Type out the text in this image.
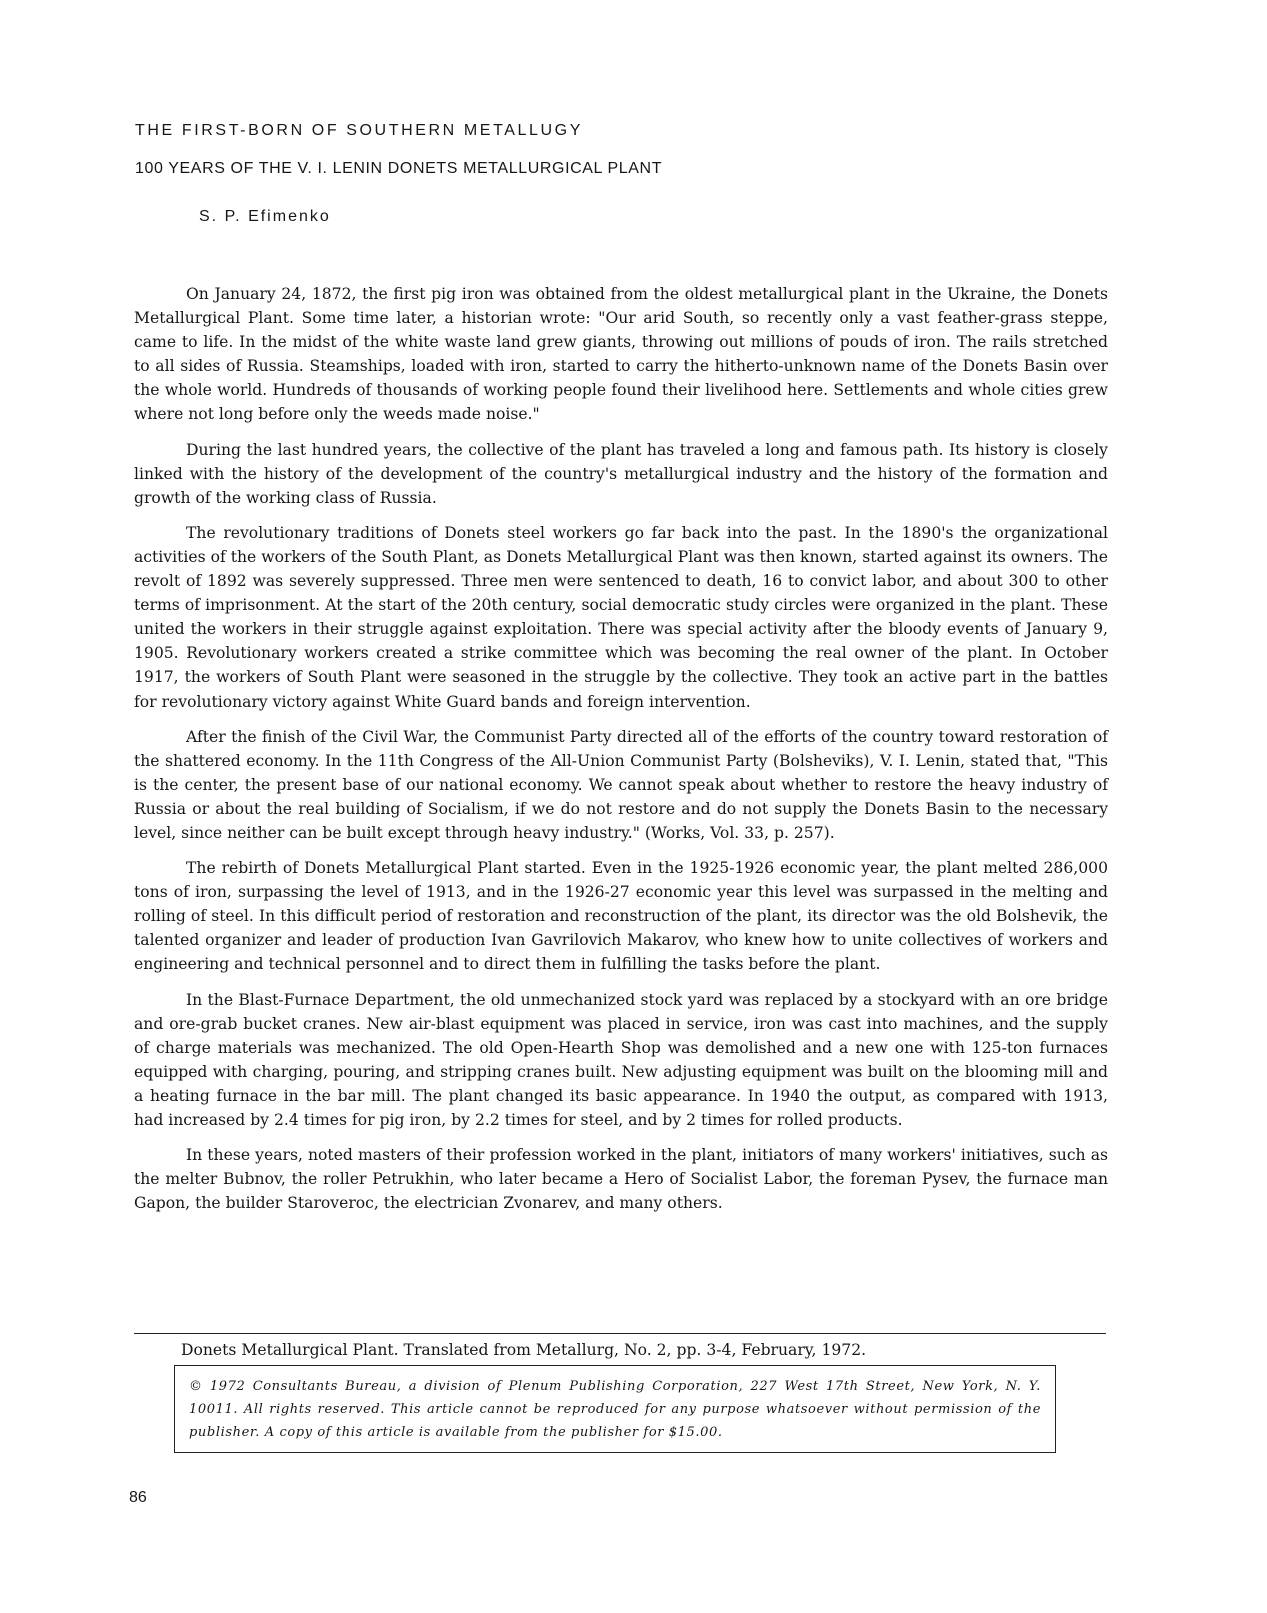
THE FIRST-BORN OF SOUTHERN METALLUGY
100 YEARS OF THE V. I. LENIN DONETS METALLURGICAL PLANT

S. P. Efimenko

On January 24, 1872, the first pig iron was obtained from the oldest metallurgical plant in the Ukraine, the Donets Metallurgical Plant. Some time later, a historian wrote: "Our arid South, so recently only a vast feather-grass steppe, came to life. In the midst of the white waste land grew giants, throwing out millions of pouds of iron. The rails stretched to all sides of Russia. Steamships, loaded with iron, started to carry the hitherto-unknown name of the Donets Basin over the whole world. Hundreds of thousands of working people found their livelihood here. Settlements and whole cities grew where not long before only the weeds made noise."

During the last hundred years, the collective of the plant has traveled a long and famous path. Its history is closely linked with the history of the development of the country's metallurgical industry and the history of the formation and growth of the working class of Russia.

The revolutionary traditions of Donets steel workers go far back into the past. In the 1890's the organizational activities of the workers of the South Plant, as Donets Metallurgical Plant was then known, started against its owners. The revolt of 1892 was severely suppressed. Three men were sentenced to death, 16 to convict labor, and about 300 to other terms of imprisonment. At the start of the 20th century, social democratic study circles were organized in the plant. These united the workers in their struggle against exploitation. There was special activity after the bloody events of January 9, 1905. Revolutionary workers created a strike committee which was becoming the real owner of the plant. In October 1917, the workers of South Plant were seasoned in the struggle by the collective. They took an active part in the battles for revolutionary victory against White Guard bands and foreign intervention.

After the finish of the Civil War, the Communist Party directed all of the efforts of the country toward restoration of the shattered economy. In the 11th Congress of the All-Union Communist Party (Bolsheviks), V. I. Lenin, stated that, "This is the center, the present base of our national economy. We cannot speak about whether to restore the heavy industry of Russia or about the real building of Socialism, if we do not restore and do not supply the Donets Basin to the necessary level, since neither can be built except through heavy industry." (Works, Vol. 33, p. 257).

The rebirth of Donets Metallurgical Plant started. Even in the 1925-1926 economic year, the plant melted 286,000 tons of iron, surpassing the level of 1913, and in the 1926-27 economic year this level was surpassed in the melting and rolling of steel. In this difficult period of restoration and reconstruction of the plant, its director was the old Bolshevik, the talented organizer and leader of production Ivan Gavrilovich Makarov, who knew how to unite collectives of workers and engineering and technical personnel and to direct them in fulfilling the tasks before the plant.

In the Blast-Furnace Department, the old unmechanized stock yard was replaced by a stockyard with an ore bridge and ore-grab bucket cranes. New air-blast equipment was placed in service, iron was cast into machines, and the supply of charge materials was mechanized. The old Open-Hearth Shop was demolished and a new one with 125-ton furnaces equipped with charging, pouring, and stripping cranes built. New adjusting equipment was built on the blooming mill and a heating furnace in the bar mill. The plant changed its basic appearance. In 1940 the output, as compared with 1913, had increased by 2.4 times for pig iron, by 2.2 times for steel, and by 2 times for rolled products.

In these years, noted masters of their profession worked in the plant, initiators of many workers' initiatives, such as the melter Bubnov, the roller Petrukhin, who later became a Hero of Socialist Labor, the foreman Pysev, the furnace man Gapon, the builder Staroveroc, the electrician Zvonarev, and many others.

Donets Metallurgical Plant. Translated from Metallurg, No. 2, pp. 3-4, February, 1972.

© 1972 Consultants Bureau, a division of Plenum Publishing Corporation, 227 West 17th Street, New York, N. Y. 10011. All rights reserved. This article cannot be reproduced for any purpose whatsoever without permission of the publisher. A copy of this article is available from the publisher for $15.00.

86
